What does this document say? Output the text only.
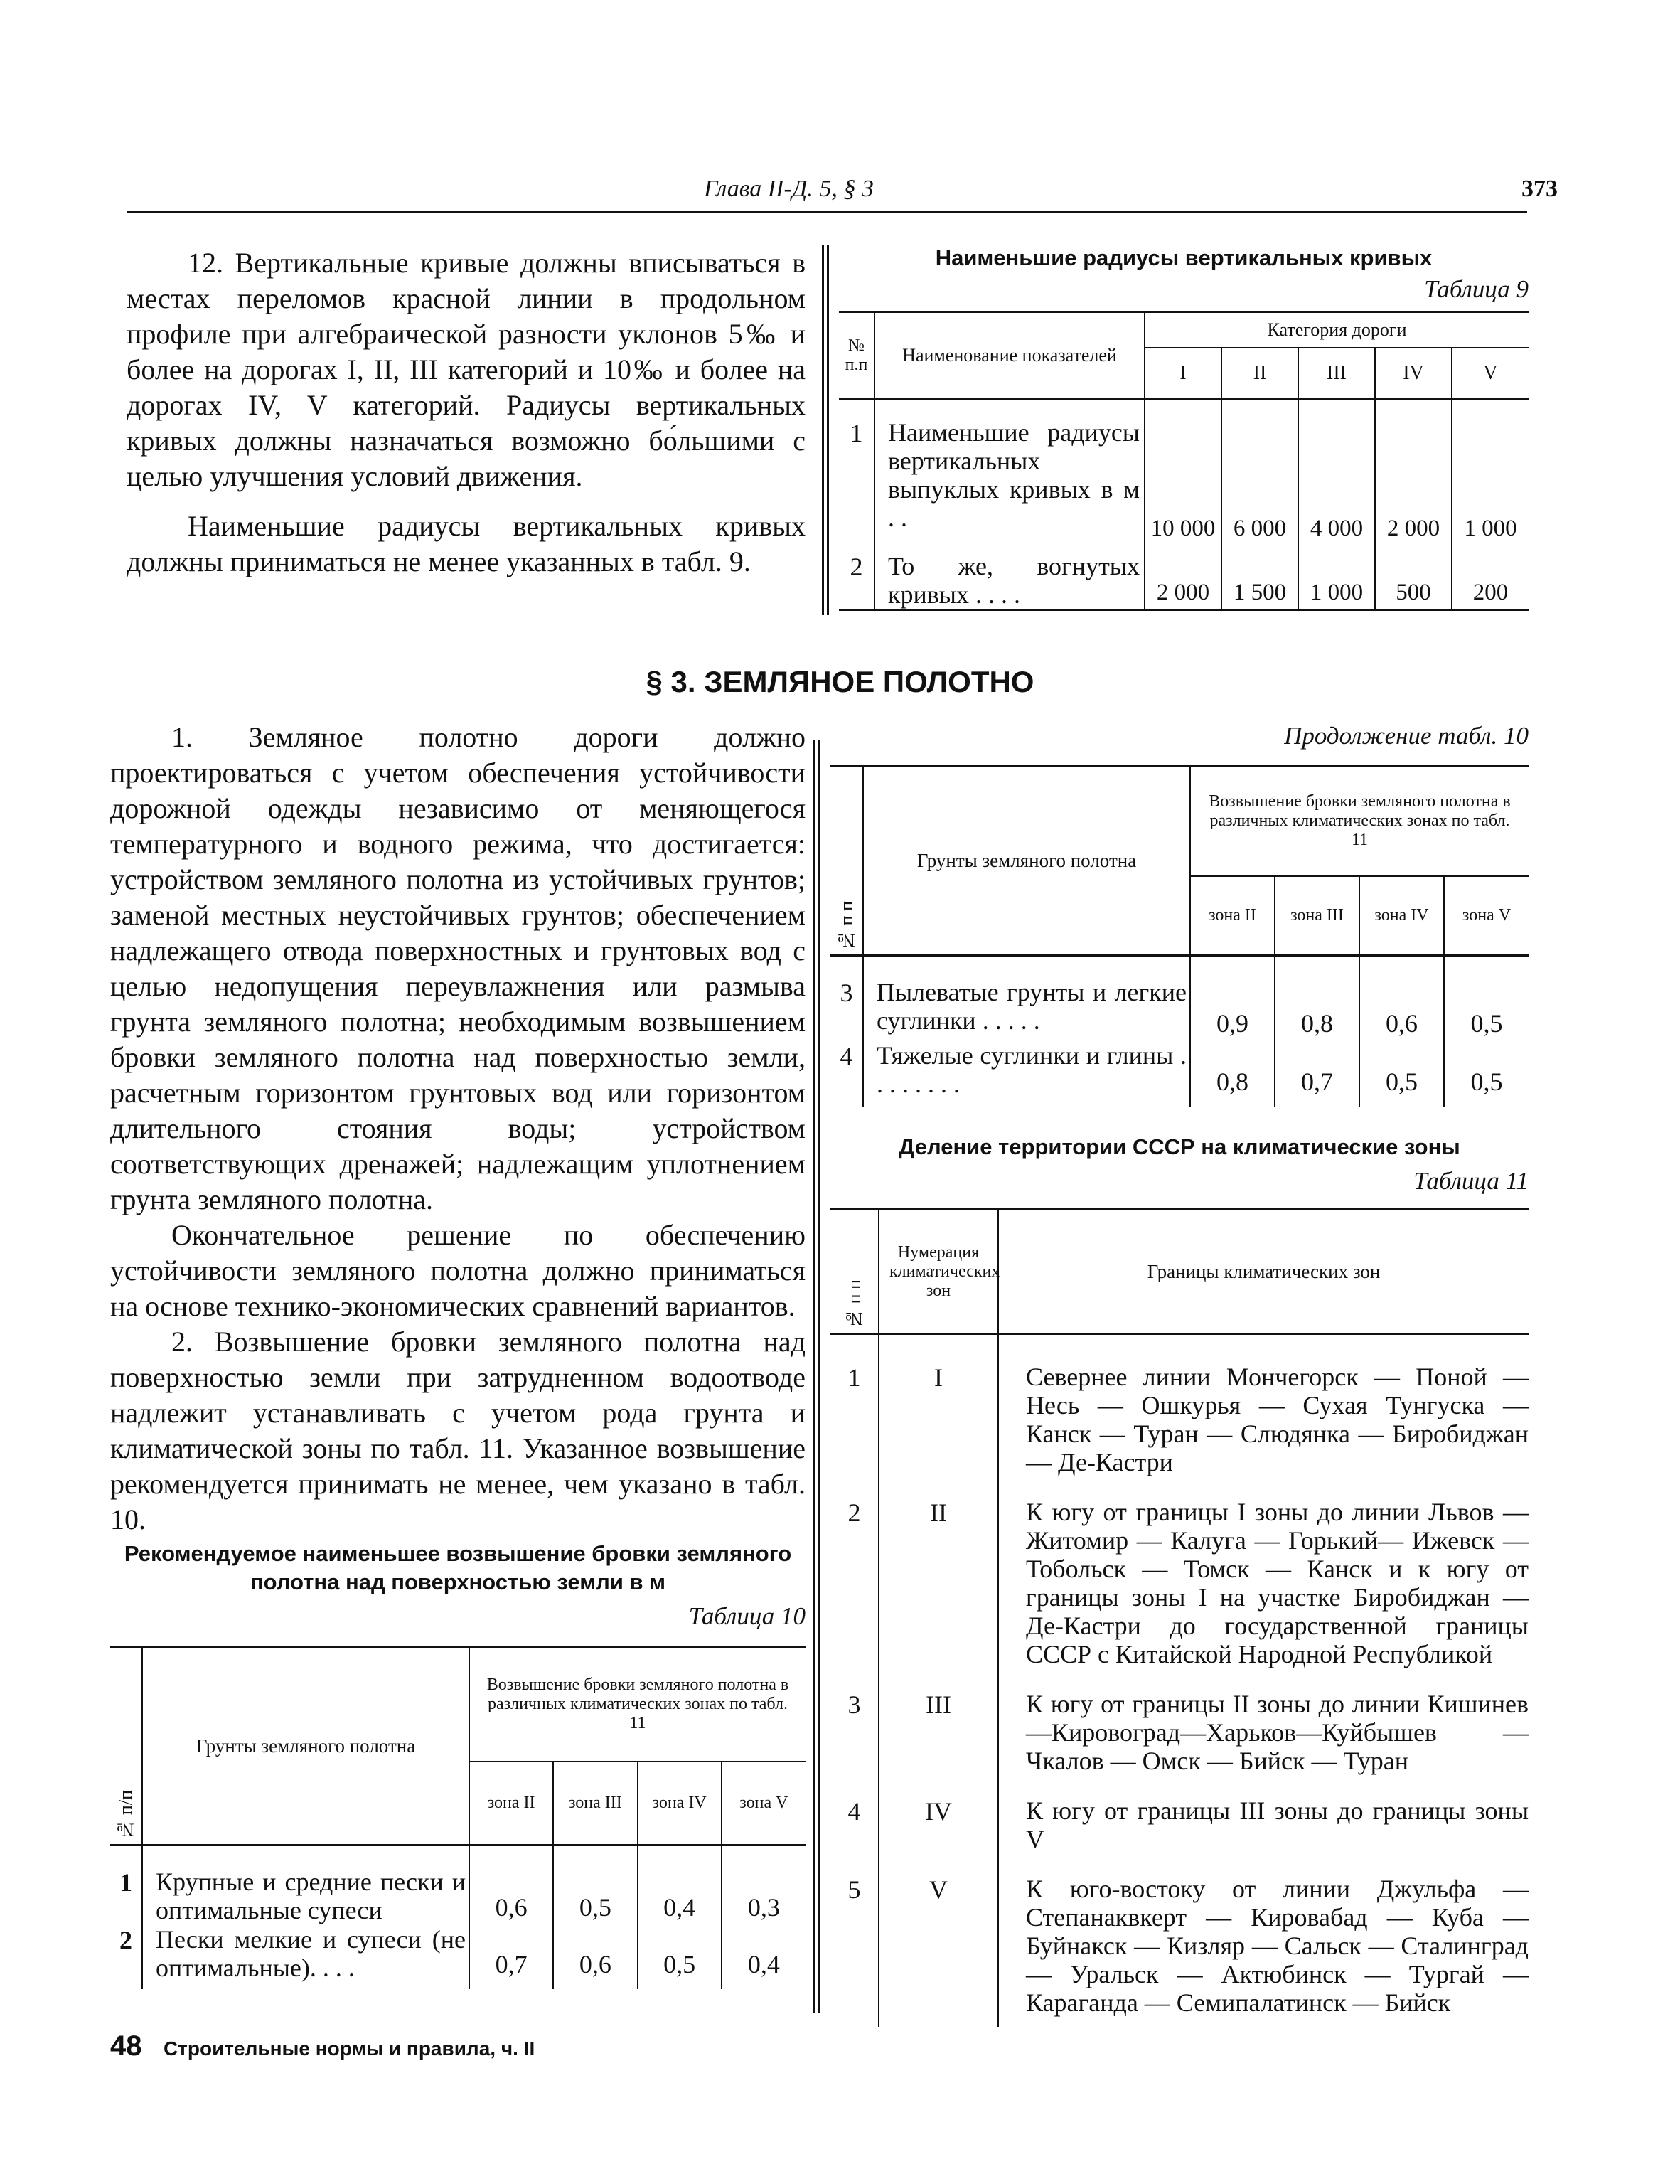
Глава II-Д. 5, § 3	373

12. Вертикальные кривые должны вписываться в местах переломов красной линии в продольном профиле при алгебраической разности уклонов 5‰ и более на дорогах I, II, III категорий и 10‰ и более на дорогах IV, V категорий. Радиусы вертикальных кривых должны назначаться возможно бо́льшими с целью улучшения условий движения.

Наименьшие радиусы вертикальных кривых должны приниматься не менее указанных в табл. 9.

Наименьшие радиусы вертикальных кривых
Таблица 9
№ п.п	Наименование показателей	Категория дороги				
		I	II	III	IV	V
1	Наименьшие радиусы вертикальных выпуклых кривых в м . .	10 000	6 000	4 000	2 000	1 000
2	То же, вогнутых кривых . . . .	2 000	1 500	1 000	500	200
§ 3. ЗЕМЛЯНОЕ ПОЛОТНО

1. Земляное полотно дороги должно проектироваться с учетом обеспечения устойчивости дорожной одежды независимо от меняющегося температурного и водного режима, что достигается: устройством земляного полотна из устойчивых грунтов; заменой местных неустойчивых грунтов; обеспечением надлежащего отвода поверхностных и грунтовых вод с целью недопущения переувлажнения или размыва грунта земляного полотна; необходимым возвышением бровки земляного полотна над поверхностью земли, расчетным горизонтом грунтовых вод или горизонтом длительного стояния воды; устройством соответствующих дренажей; надлежащим уплотнением грунта земляного полотна.

Окончательное решение по обеспечению устойчивости земляного полотна должно приниматься на основе технико-экономических сравнений вариантов.

2. Возвышение бровки земляного полотна над поверхностью земли при затрудненном водоотводе надлежит устанавливать с учетом рода грунта и климатической зоны по табл. 11. Указанное возвышение рекомендуется принимать не менее, чем указано в табл. 10.

Рекомендуемое наименьшее возвышение бровки земляного полотна над поверхностью земли в м
Таблица 10
№ п/п	Грунты земляного полотна	Возвышение бровки земляного полотна в различных климатических зонах по табл. 11			
		зона II	зона III	зона IV	зона V
1	Крупные и средние пески и оптимальные супеси	0,6	0,5	0,4	0,3
2	Пески мелкие и супеси (не оптимальные). . . .	0,7	0,6	0,5	0,4
Продолжение табл. 10
№ п п	Грунты земляного полотна	Возвышение бровки земляного полотна в различных климатических зонах по табл. 11			
		зона II	зона III	зона IV	зона V
3	Пылеватые грунты и легкие суглинки . . . . .	0,9	0,8	0,6	0,5
4	Тяжелые суглинки и глины . . . . . . . .	0,8	0,7	0,5	0,5
Деление территории СССР на климатические зоны
Таблица 11
№ п п	Нумерация климатических зон	Границы климатических зон

1	I	Севернее линии Мончегорск — Поной — Несь — Ошкурья — Сухая Тунгуска — Канск — Туран — Слюдянка — Биробиджан — Де-Кастри
2	II	К югу от границы I зоны до линии Львов — Житомир — Калуга — Горький— Ижевск — Тобольск — Томск — Канск и к югу от границы зоны I на участке Биробиджан — Де-Кастри до государственной границы СССР с Китайской Народной Республикой
3	III	К югу от границы II зоны до линии Кишинев—Кировоград—Харьков—Куйбышев — Чкалов — Омск — Бийск — Туран
4	IV	К югу от границы III зоны до границы зоны V
5	V	К юго-востоку от линии Джульфа — Степанаквкерт — Кировабад — Куба — Буйнакск — Кизляр — Сальск — Сталинград— Уральск — Актюбинск — Тургай — Караганда — Семипалатинск — Бийск
48 Строительные нормы и правила, ч. II
